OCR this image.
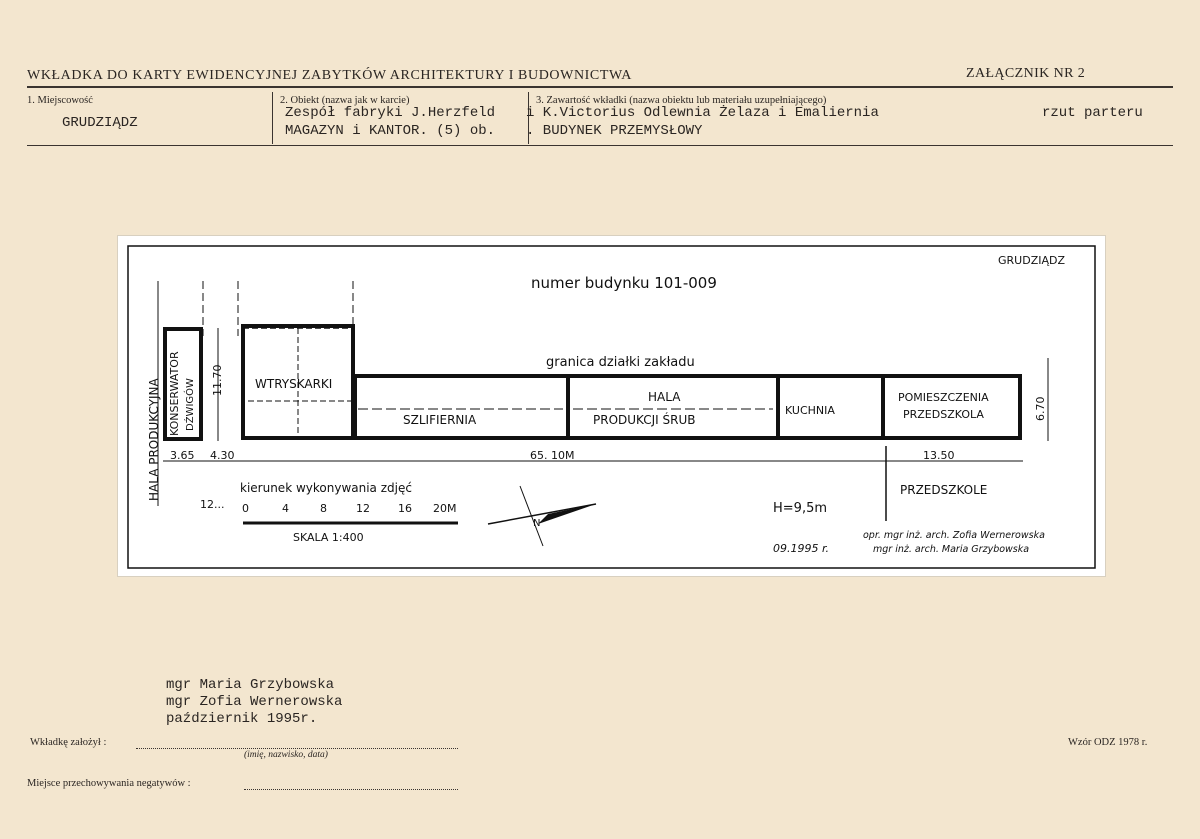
WKŁADKA DO KARTY EWIDENCYJNEJ ZABYTKÓW ARCHITEKTURY I BUDOWNICTWA	ZAŁĄCZNIK NR 2
1. Miejscowość
GRUDZIĄDZ
2. Obiekt (nazwa jak w karcie)
Zespół fabryki J.Herzfeld
MAGAZYN i KANTOR. (5) ob.
3. Zawartość wkładki (nazwa obiektu lub materiału uzupełniającego)
i K.Victorius Odlewnia Żelaza i Emaliernia
. BUDYNEK PRZEMYSŁOWY
rzut parteru
GRUDZIĄDZ
numer budynku 101-009
granica działki zakładu
HALA PRODUKCYJNA	11.70
KONSERWATOR DŹWIGÓW	WTRYSKARKI
SZLIFIERNIA
HALA
PRODUKCJI ŚRUB
KUCHNIA
POMIESZCZENIA
PRZEDSZKOLA	6.70
3.65 4.30	65. 10M	13.50
PRZEDSZKOLE
kierunek wykonywania zdjęć
12... 0	4	8	12	16 20M
SKALA 1:400
N
H=9,5m
09.1995 r.
opr. mgr inż. arch. Zofia Wernerowska
mgr inż. arch. Maria Grzybowska
mgr Maria Grzybowska
mgr Zofia Wernerowska
październik 1995r.
Wkładkę założył :
(imię, nazwisko, data)
Wzór ODZ 1978 r.
Miejsce przechowywania negatywów :
